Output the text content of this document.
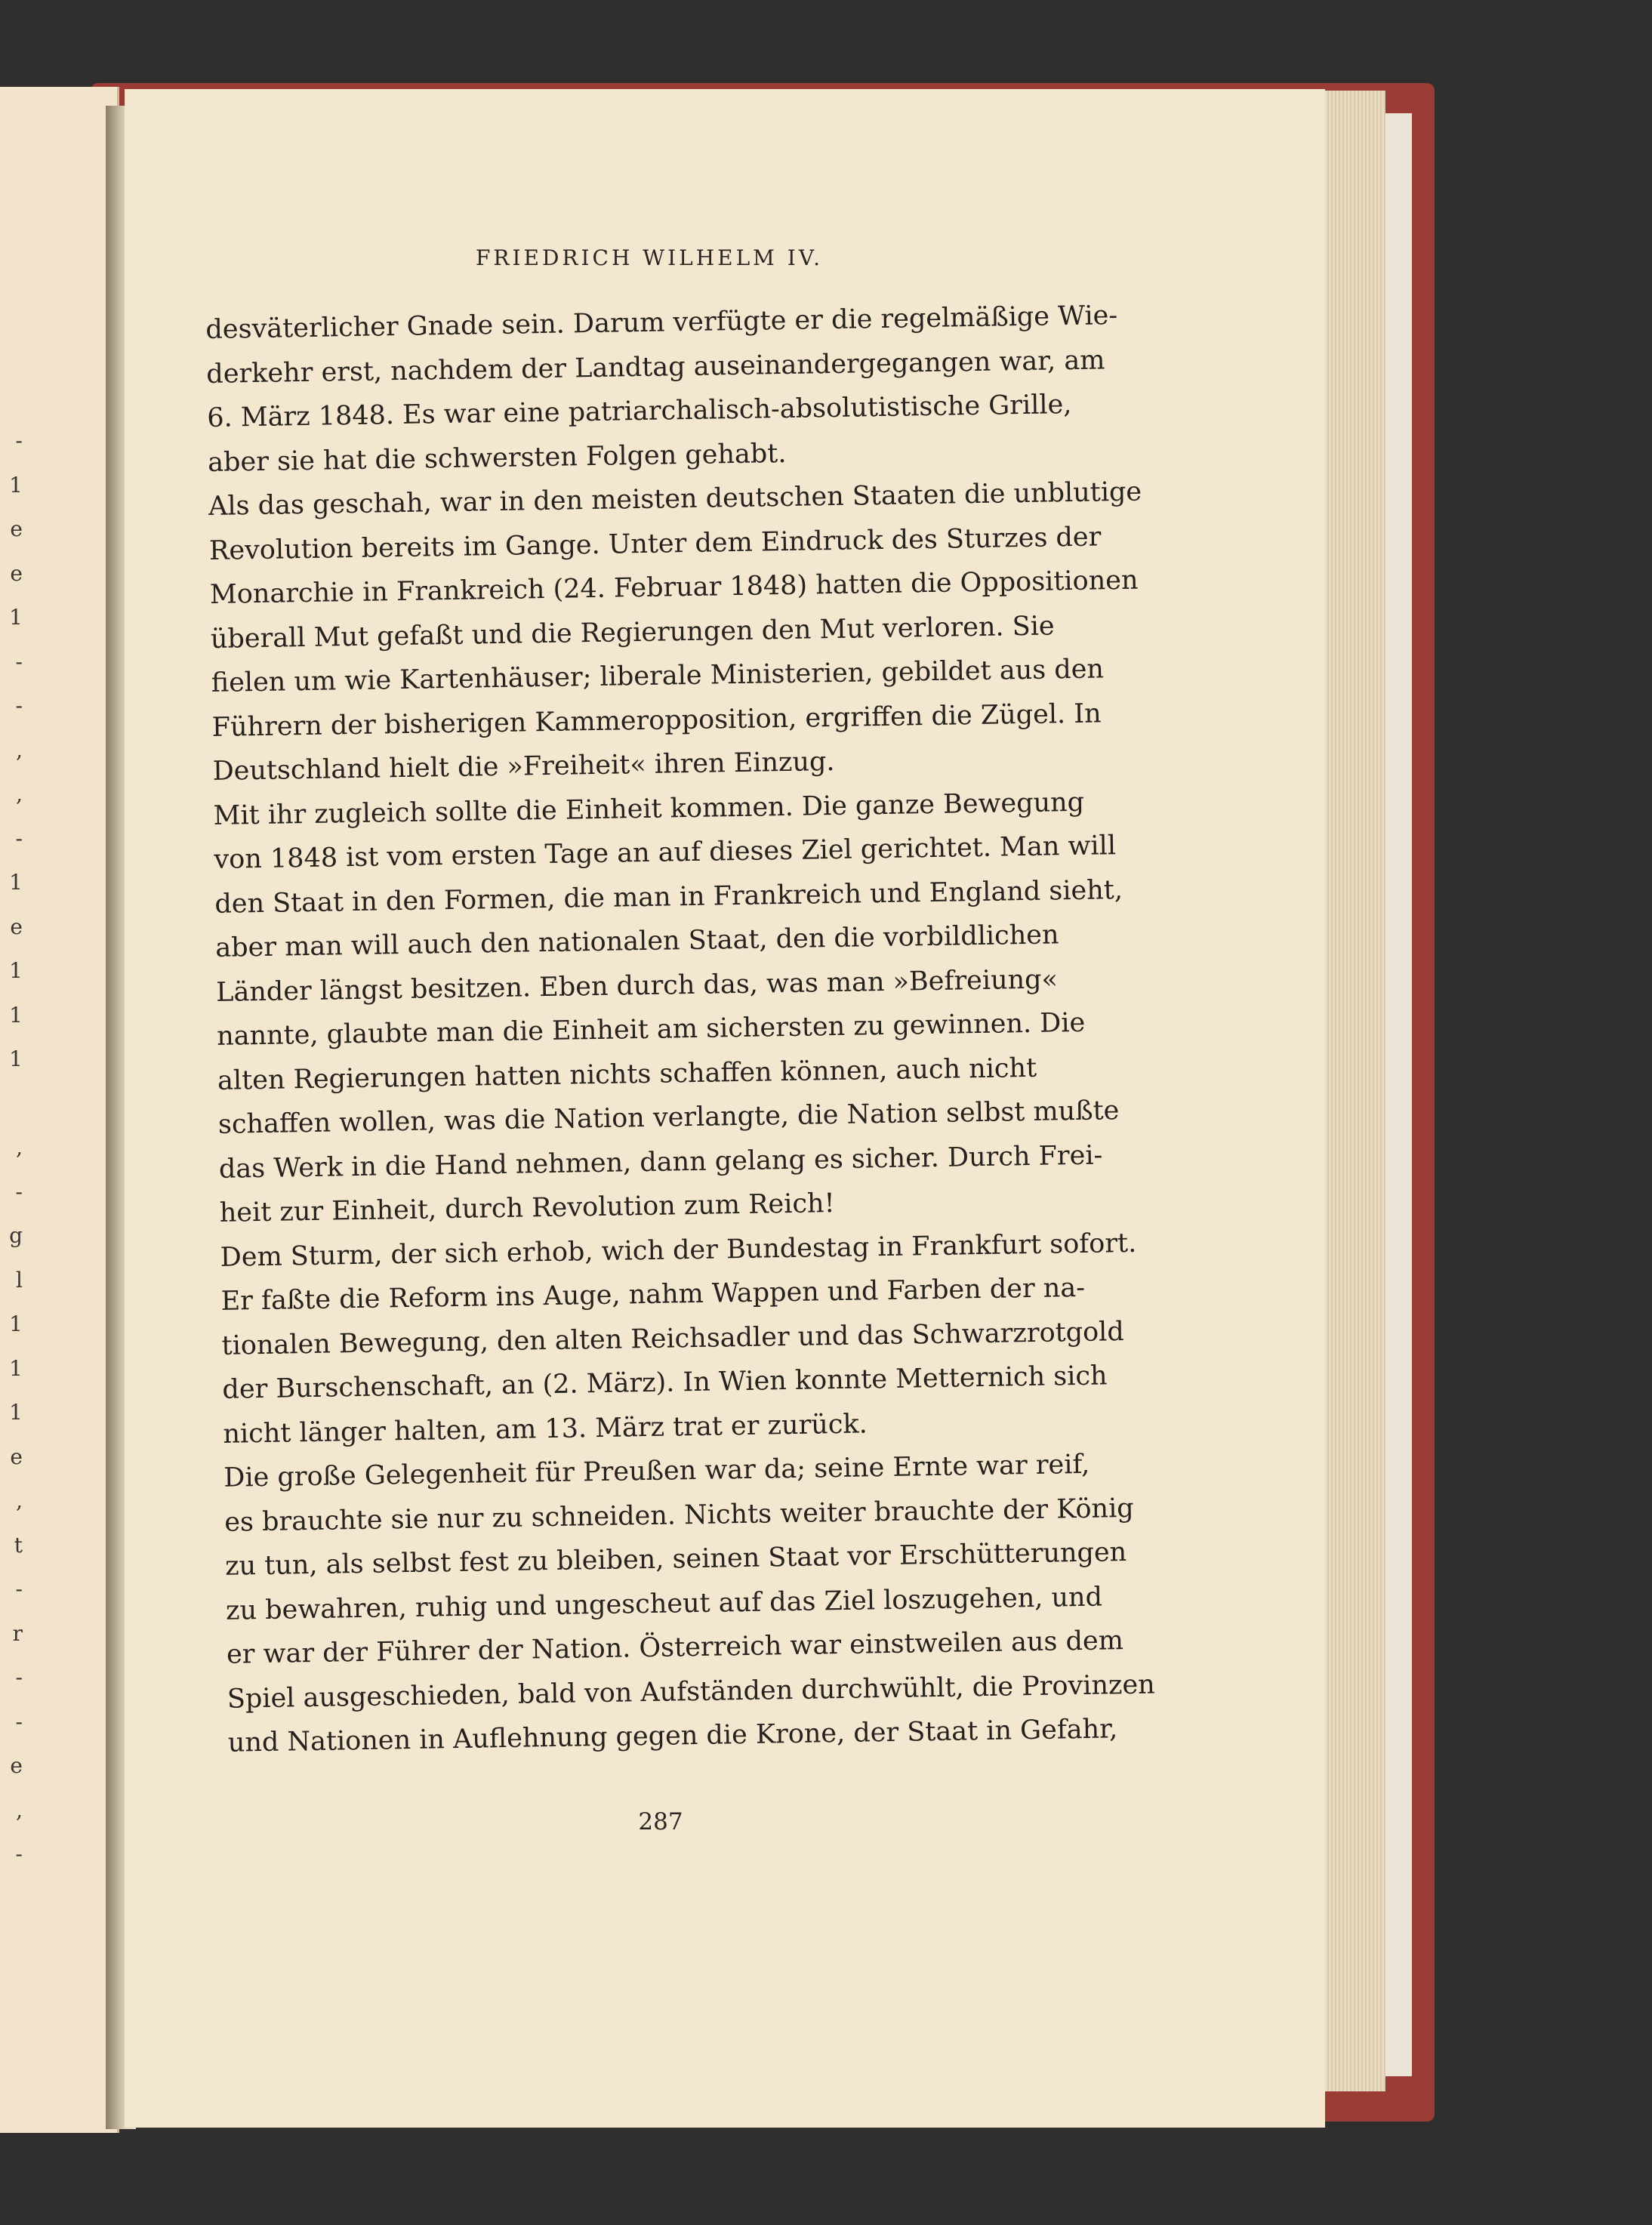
-
1
e
e
1
-
-
,
,
-
1
e
1
1
1
,
-
g
l
1
1
1
e
,
t
-
r
-
-
e
,
-
FRIEDRICH WILHELM IV.
desväterlicher Gnade sein. Darum verfügte er die regelmäßige Wie-
derkehr erst, nachdem der Landtag auseinandergegangen war, am
6. März 1848. Es war eine patriarchalisch-absolutistische Grille,
aber sie hat die schwersten Folgen gehabt.
Als das geschah, war in den meisten deutschen Staaten die unblutige
Revolution bereits im Gange. Unter dem Eindruck des Sturzes der
Monarchie in Frankreich (24. Februar 1848) hatten die Oppositionen
überall Mut gefaßt und die Regierungen den Mut verloren. Sie
fielen um wie Kartenhäuser; liberale Ministerien, gebildet aus den
Führern der bisherigen Kammeropposition, ergriffen die Zügel. In
Deutschland hielt die »Freiheit« ihren Einzug.
Mit ihr zugleich sollte die Einheit kommen. Die ganze Bewegung
von 1848 ist vom ersten Tage an auf dieses Ziel gerichtet. Man will
den Staat in den Formen, die man in Frankreich und England sieht,
aber man will auch den nationalen Staat, den die vorbildlichen
Länder längst besitzen. Eben durch das, was man »Befreiung«
nannte, glaubte man die Einheit am sichersten zu gewinnen. Die
alten Regierungen hatten nichts schaffen können, auch nicht
schaffen wollen, was die Nation verlangte, die Nation selbst mußte
das Werk in die Hand nehmen, dann gelang es sicher. Durch Frei-
heit zur Einheit, durch Revolution zum Reich!
Dem Sturm, der sich erhob, wich der Bundestag in Frankfurt sofort.
Er faßte die Reform ins Auge, nahm Wappen und Farben der na-
tionalen Bewegung, den alten Reichsadler und das Schwarzrotgold
der Burschenschaft, an (2. März). In Wien konnte Metternich sich
nicht länger halten, am 13. März trat er zurück.
Die große Gelegenheit für Preußen war da; seine Ernte war reif,
es brauchte sie nur zu schneiden. Nichts weiter brauchte der König
zu tun, als selbst fest zu bleiben, seinen Staat vor Erschütterungen
zu bewahren, ruhig und ungescheut auf das Ziel loszugehen, und
er war der Führer der Nation. Österreich war einstweilen aus dem
Spiel ausgeschieden, bald von Aufständen durchwühlt, die Provinzen
und Nationen in Auflehnung gegen die Krone, der Staat in Gefahr,
287
